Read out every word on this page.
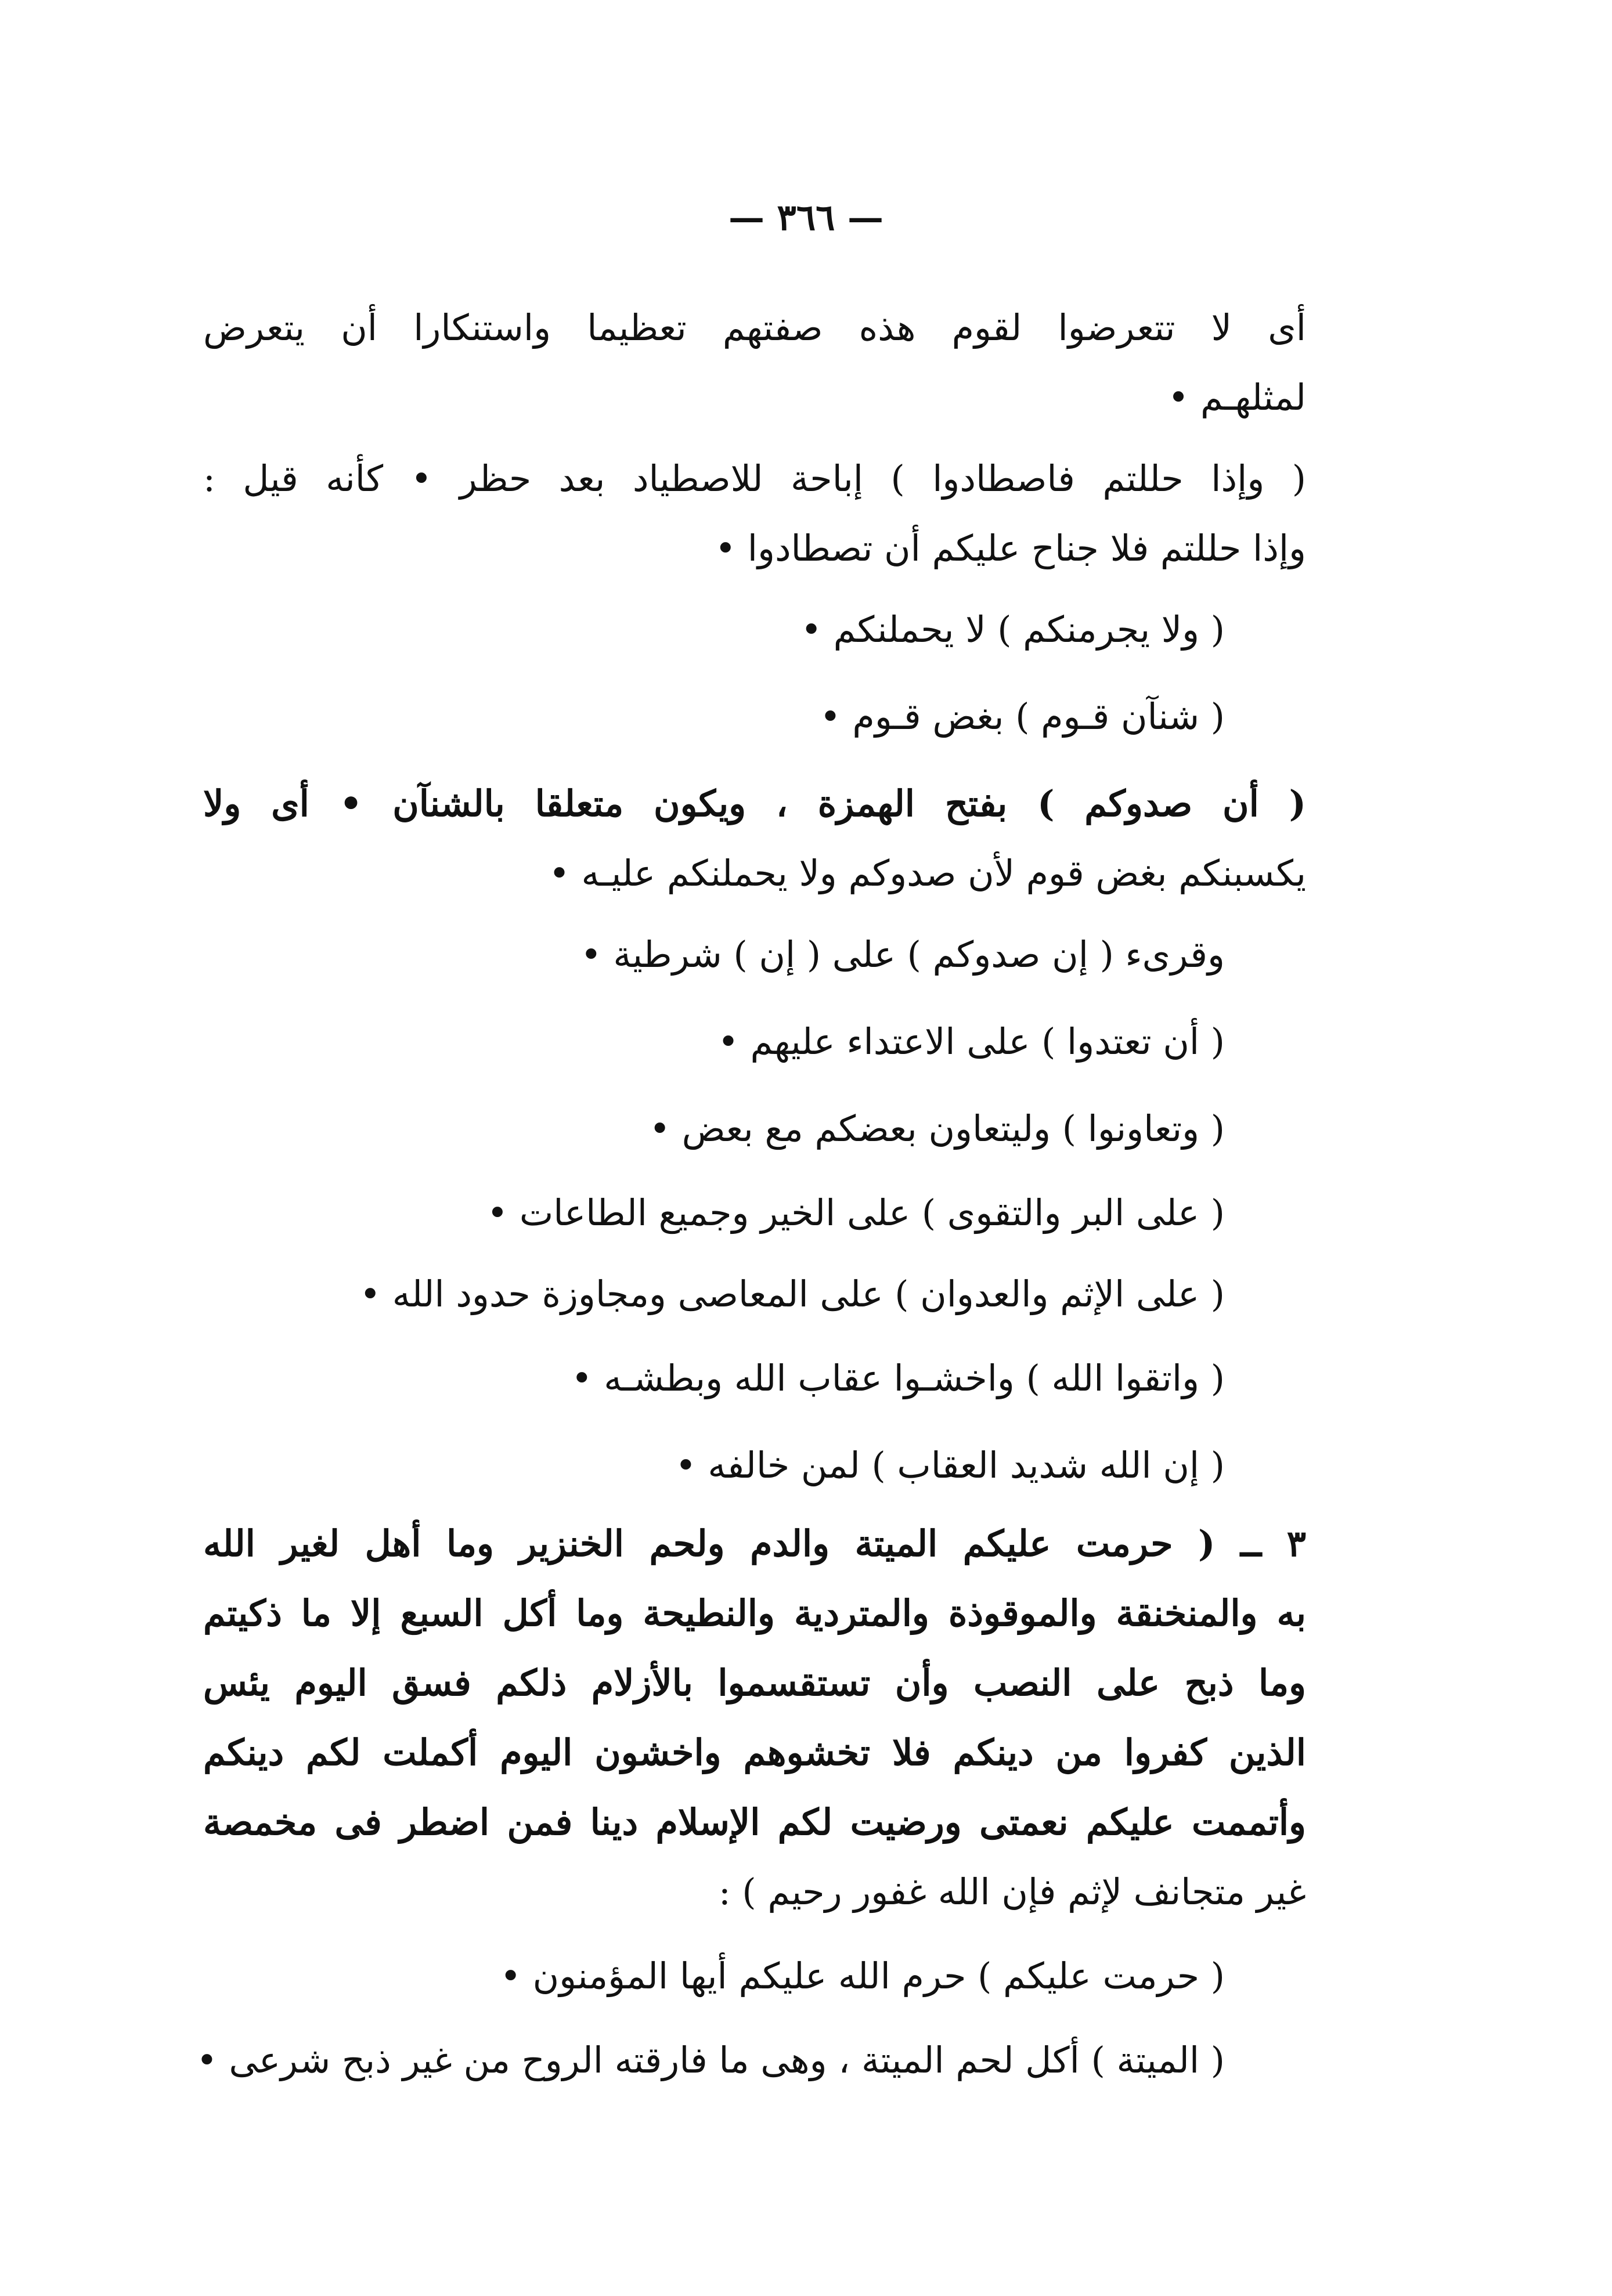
— ٣٦٦ —
أى لا تتعرضوا لقوم هذه صفتهم تعظيما واستنكارا أن يتعرض
لمثلهـم •
( وإذا حللتم فاصطادوا ) إباحة للاصطياد بعد حظر • كأنه قيل :
وإذا حللتم فلا جناح عليكم أن تصطادوا •
( ولا يجرمنكم ) لا يحملنكم •
( شنآن قـوم ) بغض قـوم •
( أن صدوكم ) بفتح الهمزة ، ويكون متعلقا بالشنآن • أى ولا
يكسبنكم بغض قوم لأن صدوكم ولا يحملنكم عليـه •
وقرىء ( إن صدوكم ) على ( إن ) شرطية •
( أن تعتدوا ) على الاعتداء عليهم •
( وتعاونوا ) وليتعاون بعضكم مع بعض •
( على البر والتقوى ) على الخير وجميع الطاعات •
( على الإثم والعدوان ) على المعاصى ومجاوزة حدود الله •
( واتقوا الله ) واخشـوا عقاب الله وبطشـه •
( إن الله شديد العقاب ) لمن خالفه •
٣ ــ ( حرمت عليكم الميتة والدم ولحم الخنزير وما أهل لغير الله
به والمنخنقة والموقوذة والمتردية والنطيحة وما أكل السبع إلا ما ذكيتم
وما ذبح على النصب وأن تستقسموا بالأزلام ذلكم فسق اليوم يئس
الذين كفروا من دينكم فلا تخشوهم واخشون اليوم أكملت لكم دينكم
وأتممت عليكم نعمتى ورضيت لكم الإسلام دينا فمن اضطر فى مخمصة
غير متجانف لإثم فإن الله غفور رحيم ) :
( حرمت عليكم ) حرم الله عليكم أيها المؤمنون •
( الميتة ) أكل لحم الميتة ، وهى ما فارقته الروح من غير ذبح شرعى •
